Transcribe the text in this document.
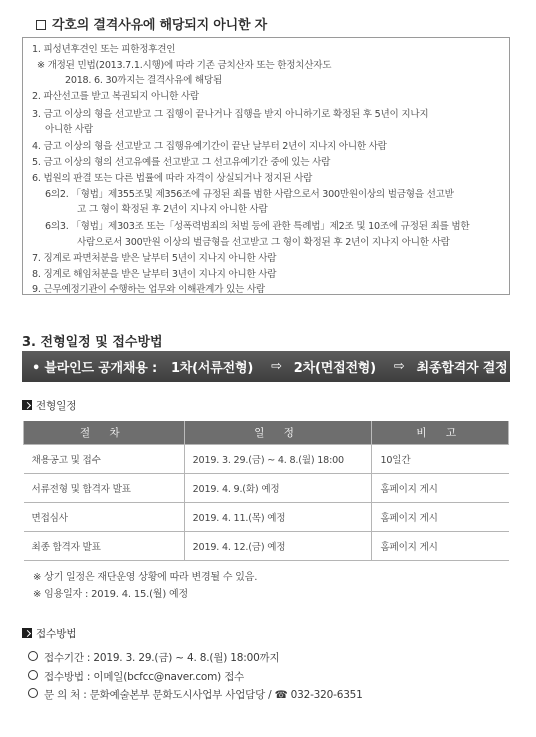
각호의 결격사유에 해당되지 아니한 자
1. 피성년후견인 또는 피한정후견인
※ 개정된 민법(2013.7.1.시행)에 따라 기존 금치산자 또는 한정치산자도
2018. 6. 30까지는 결격사유에 해당됨
2. 파산선고를 받고 복권되지 아니한 사람
3. 금고 이상의 형을 선고받고 그 집행이 끝나거나 집행을 받지 아니하기로 확정된 후 5년이 지나지
아니한 사람
4. 금고 이상의 형을 선고받고 그 집행유예기간이 끝난 날부터 2년이 지나지 아니한 사람
5. 금고 이상의 형의 선고유예를 선고받고 그 선고유예기간 중에 있는 사람
6. 법원의 판결 또는 다른 법률에 따라 자격이 상실되거나 정지된 사람
6의2. 「형법」제355조및 제356조에 규정된 죄를 범한 사람으로서 300만원이상의 벌금형을 선고받
고 그 형이 확정된 후 2년이 지나지 아니한 사람
6의3. 「형법」제303조 또는「성폭력범죄의 처벌 등에 관한 특례법」제2조 및 10조에 규정된 죄를 범한
사람으로서 300만원 이상의 벌금형을 선고받고 그 형이 확정된 후 2년이 지나지 아니한 사람
7. 징계로 파면처분을 받은 날부터 5년이 지나지 아니한 사람
8. 징계로 해임처분을 받은 날부터 3년이 지나지 아니한 사람
9. 근무예정기관이 수행하는 업무와 이해관계가 있는 사람
3. 전형일정 및 접수방법
• 블라인드 공개채용 : 1차(서류전형) ⇨ 2차(면접전형) ⇨ 최종합격자 결정
전형일정
절 차	일 정	비 고
채용공고 및 접수	2019. 3. 29.(금) ~ 4. 8.(월) 18:00	10일간
서류전형 및 합격자 발표	2019. 4. 9.(화) 예정	홈페이지 게시
면접심사	2019. 4. 11.(목) 예정	홈페이지 게시
최종 합격자 발표	2019. 4. 12.(금) 예정	홈페이지 게시
※ 상기 일정은 재단운영 상황에 따라 변경될 수 있음.
※ 임용일자 : 2019. 4. 15.(월) 예정
접수방법
접수기간 : 2019. 3. 29.(금) ~ 4. 8.(월) 18:00까지
접수방법 : 이메일(bcfcc@naver.com) 접수
문 의 처 : 문화예술본부 문화도시사업부 사업담당 / ☎ 032-320-6351
